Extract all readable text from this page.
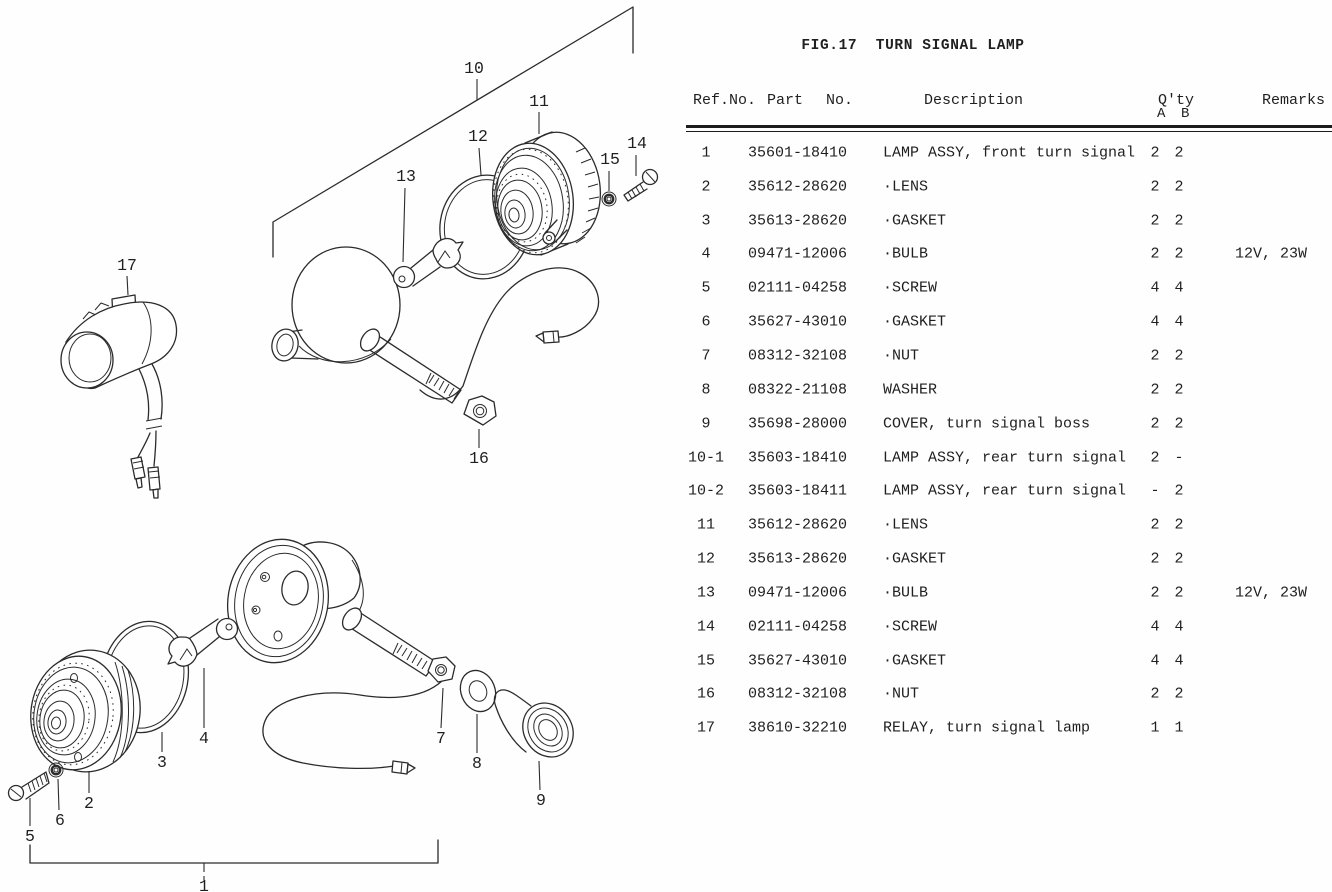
10
11
12
13
14
15
16
17
2
3
4
5
6
7
8
9
1
FIG.17  TURN SIGNAL LAMP
Ref.No. Part No.	Description	Q'ty
A B
Remarks
1	35601-18410 LAMP ASSY, front turn signal	2 2
2	35612-28620 ·LENS	2 2
3	35613-28620 ·GASKET	2 2
4	09471-12006 ·BULB	2 2	12V, 23W
5	02111-04258 ·SCREW	4 4
6	35627-43010 ·GASKET	4 4
7	08312-32108 ·NUT	2 2
8	08322-21108 WASHER	2 2
9	35698-28000 COVER, turn signal boss	2 2
10-1	35603-18410 LAMP ASSY, rear turn signal	2 -
10-2	35603-18411 LAMP ASSY, rear turn signal	- 2
11	35612-28620 ·LENS	2 2
12	35613-28620 ·GASKET	2 2
13	09471-12006 ·BULB	2 2	12V, 23W
14	02111-04258 ·SCREW	4 4
15	35627-43010 ·GASKET	4 4
16	08312-32108 ·NUT	2 2
17	38610-32210 RELAY, turn signal lamp	1 1
